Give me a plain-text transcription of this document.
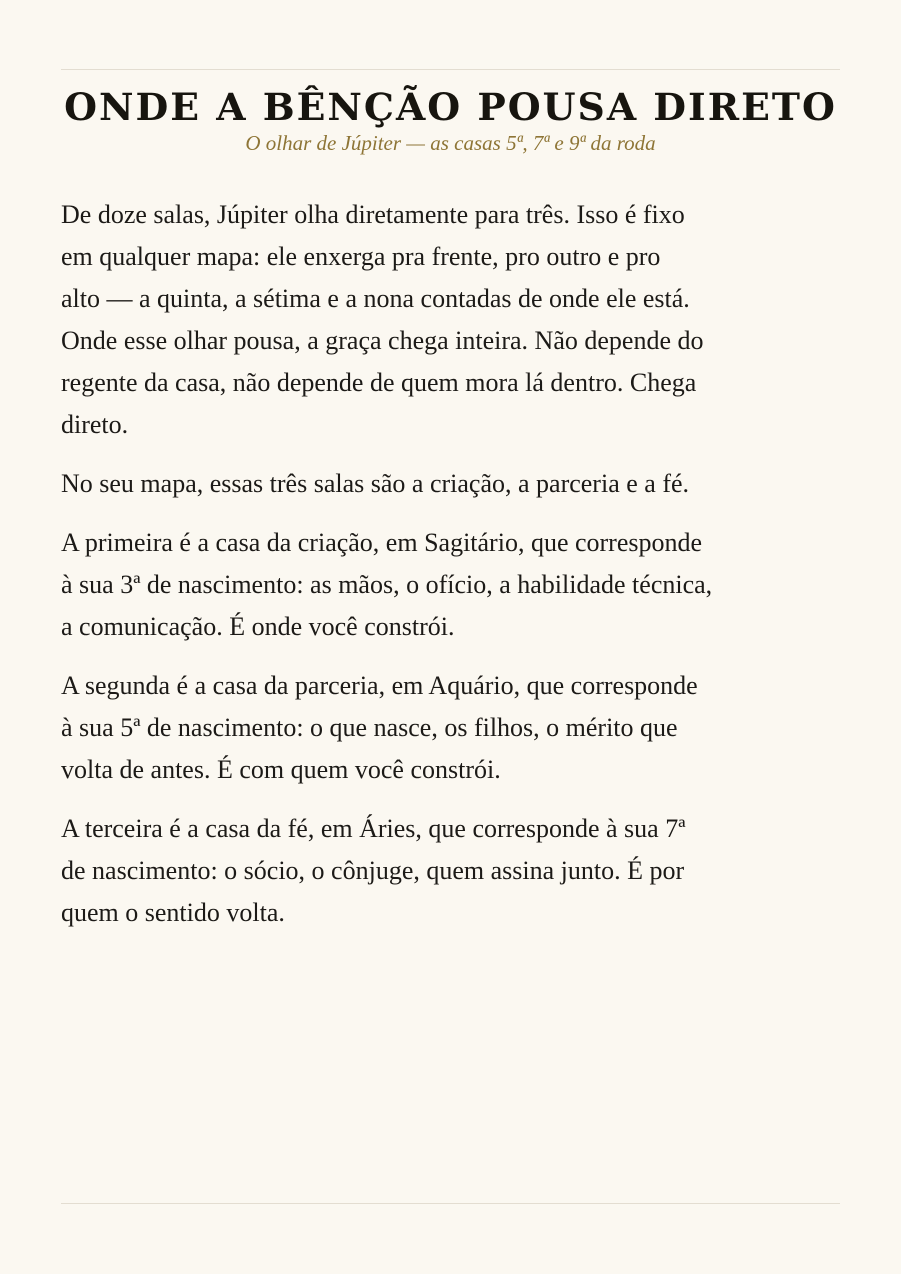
ONDE A BÊNÇÃO POUSA DIRETO

O olhar de Júpiter — as casas 5ª, 7ª e 9ª da roda

De doze salas, Júpiter olha diretamente para três. Isso é fixo
em qualquer mapa: ele enxerga pra frente, pro outro e pro
alto — a quinta, a sétima e a nona contadas de onde ele está.
Onde esse olhar pousa, a graça chega inteira. Não depende do
regente da casa, não depende de quem mora lá dentro. Chega
direto.

No seu mapa, essas três salas são a criação, a parceria e a fé.

A primeira é a casa da criação, em Sagitário, que corresponde
à sua 3ª de nascimento: as mãos, o ofício, a habilidade técnica,
a comunicação. É onde você constrói.

A segunda é a casa da parceria, em Aquário, que corresponde
à sua 5ª de nascimento: o que nasce, os filhos, o mérito que
volta de antes. É com quem você constrói.

A terceira é a casa da fé, em Áries, que corresponde à sua 7ª
de nascimento: o sócio, o cônjuge, quem assina junto. É por
quem o sentido volta.
